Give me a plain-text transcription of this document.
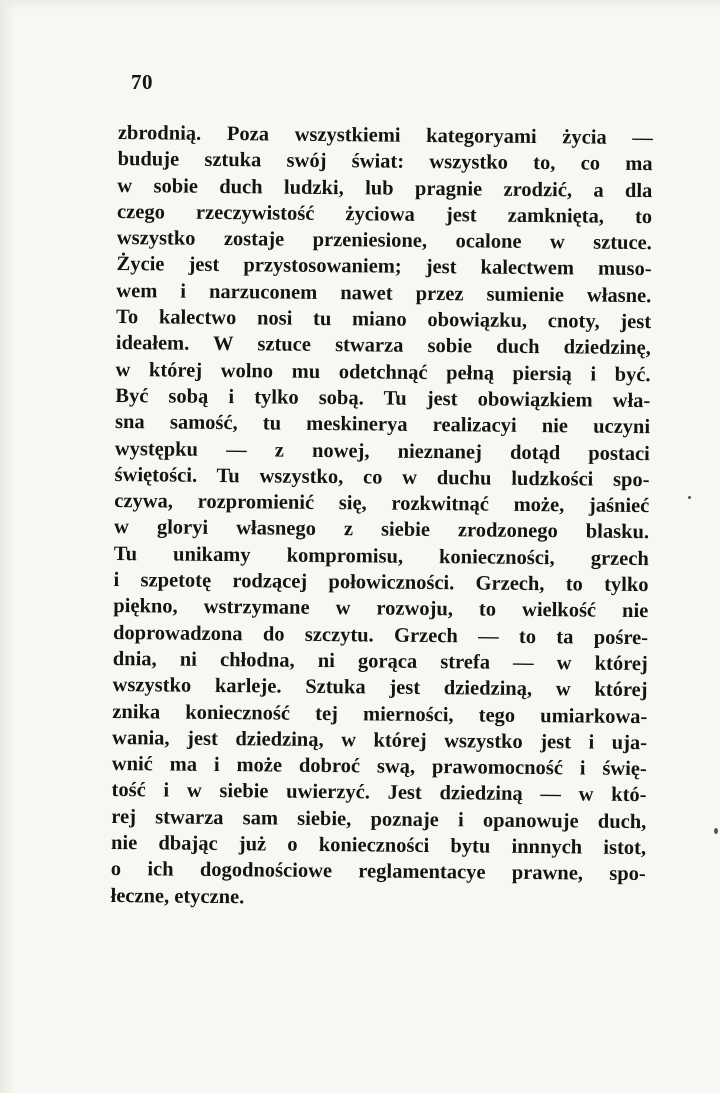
70
zbrodnią. Poza wszystkiemi kategoryami życia —
buduje sztuka swój świat: wszystko to, co ma
w sobie duch ludzki, lub pragnie zrodzić, a dla
czego rzeczywistość życiowa jest zamknięta, to
wszystko zostaje przeniesione, ocalone w sztuce.
Życie jest przystosowaniem; jest kalectwem muso-
wem i narzuconem nawet przez sumienie własne.
To kalectwo nosi tu miano obowiązku, cnoty, jest
ideałem. W sztuce stwarza sobie duch dziedzinę,
w której wolno mu odetchnąć pełną piersią i być.
Być sobą i tylko sobą. Tu jest obowiązkiem wła-
sna samość, tu meskinerya realizacyi nie uczyni
występku — z nowej, nieznanej dotąd postaci
świętości. Tu wszystko, co w duchu ludzkości spo-
czywa, rozpromienić się, rozkwitnąć może, jaśnieć
w gloryi własnego z siebie zrodzonego blasku.
Tu unikamy kompromisu, konieczności, grzech
i szpetotę rodzącej połowiczności. Grzech, to tylko
piękno, wstrzymane w rozwoju, to wielkość nie
doprowadzona do szczytu. Grzech — to ta pośre-
dnia, ni chłodna, ni gorąca strefa — w której
wszystko karleje. Sztuka jest dziedziną, w której
znika konieczność tej mierności, tego umiarkowa-
wania, jest dziedziną, w której wszystko jest i uja-
wnić ma i może dobroć swą, prawomocność i świę-
tość i w siebie uwierzyć. Jest dziedziną — w któ-
rej stwarza sam siebie, poznaje i opanowuje duch,
nie dbając już o konieczności bytu innnych istot,
o ich dogodnościowe reglamentacye prawne, spo-
łeczne, etyczne.
